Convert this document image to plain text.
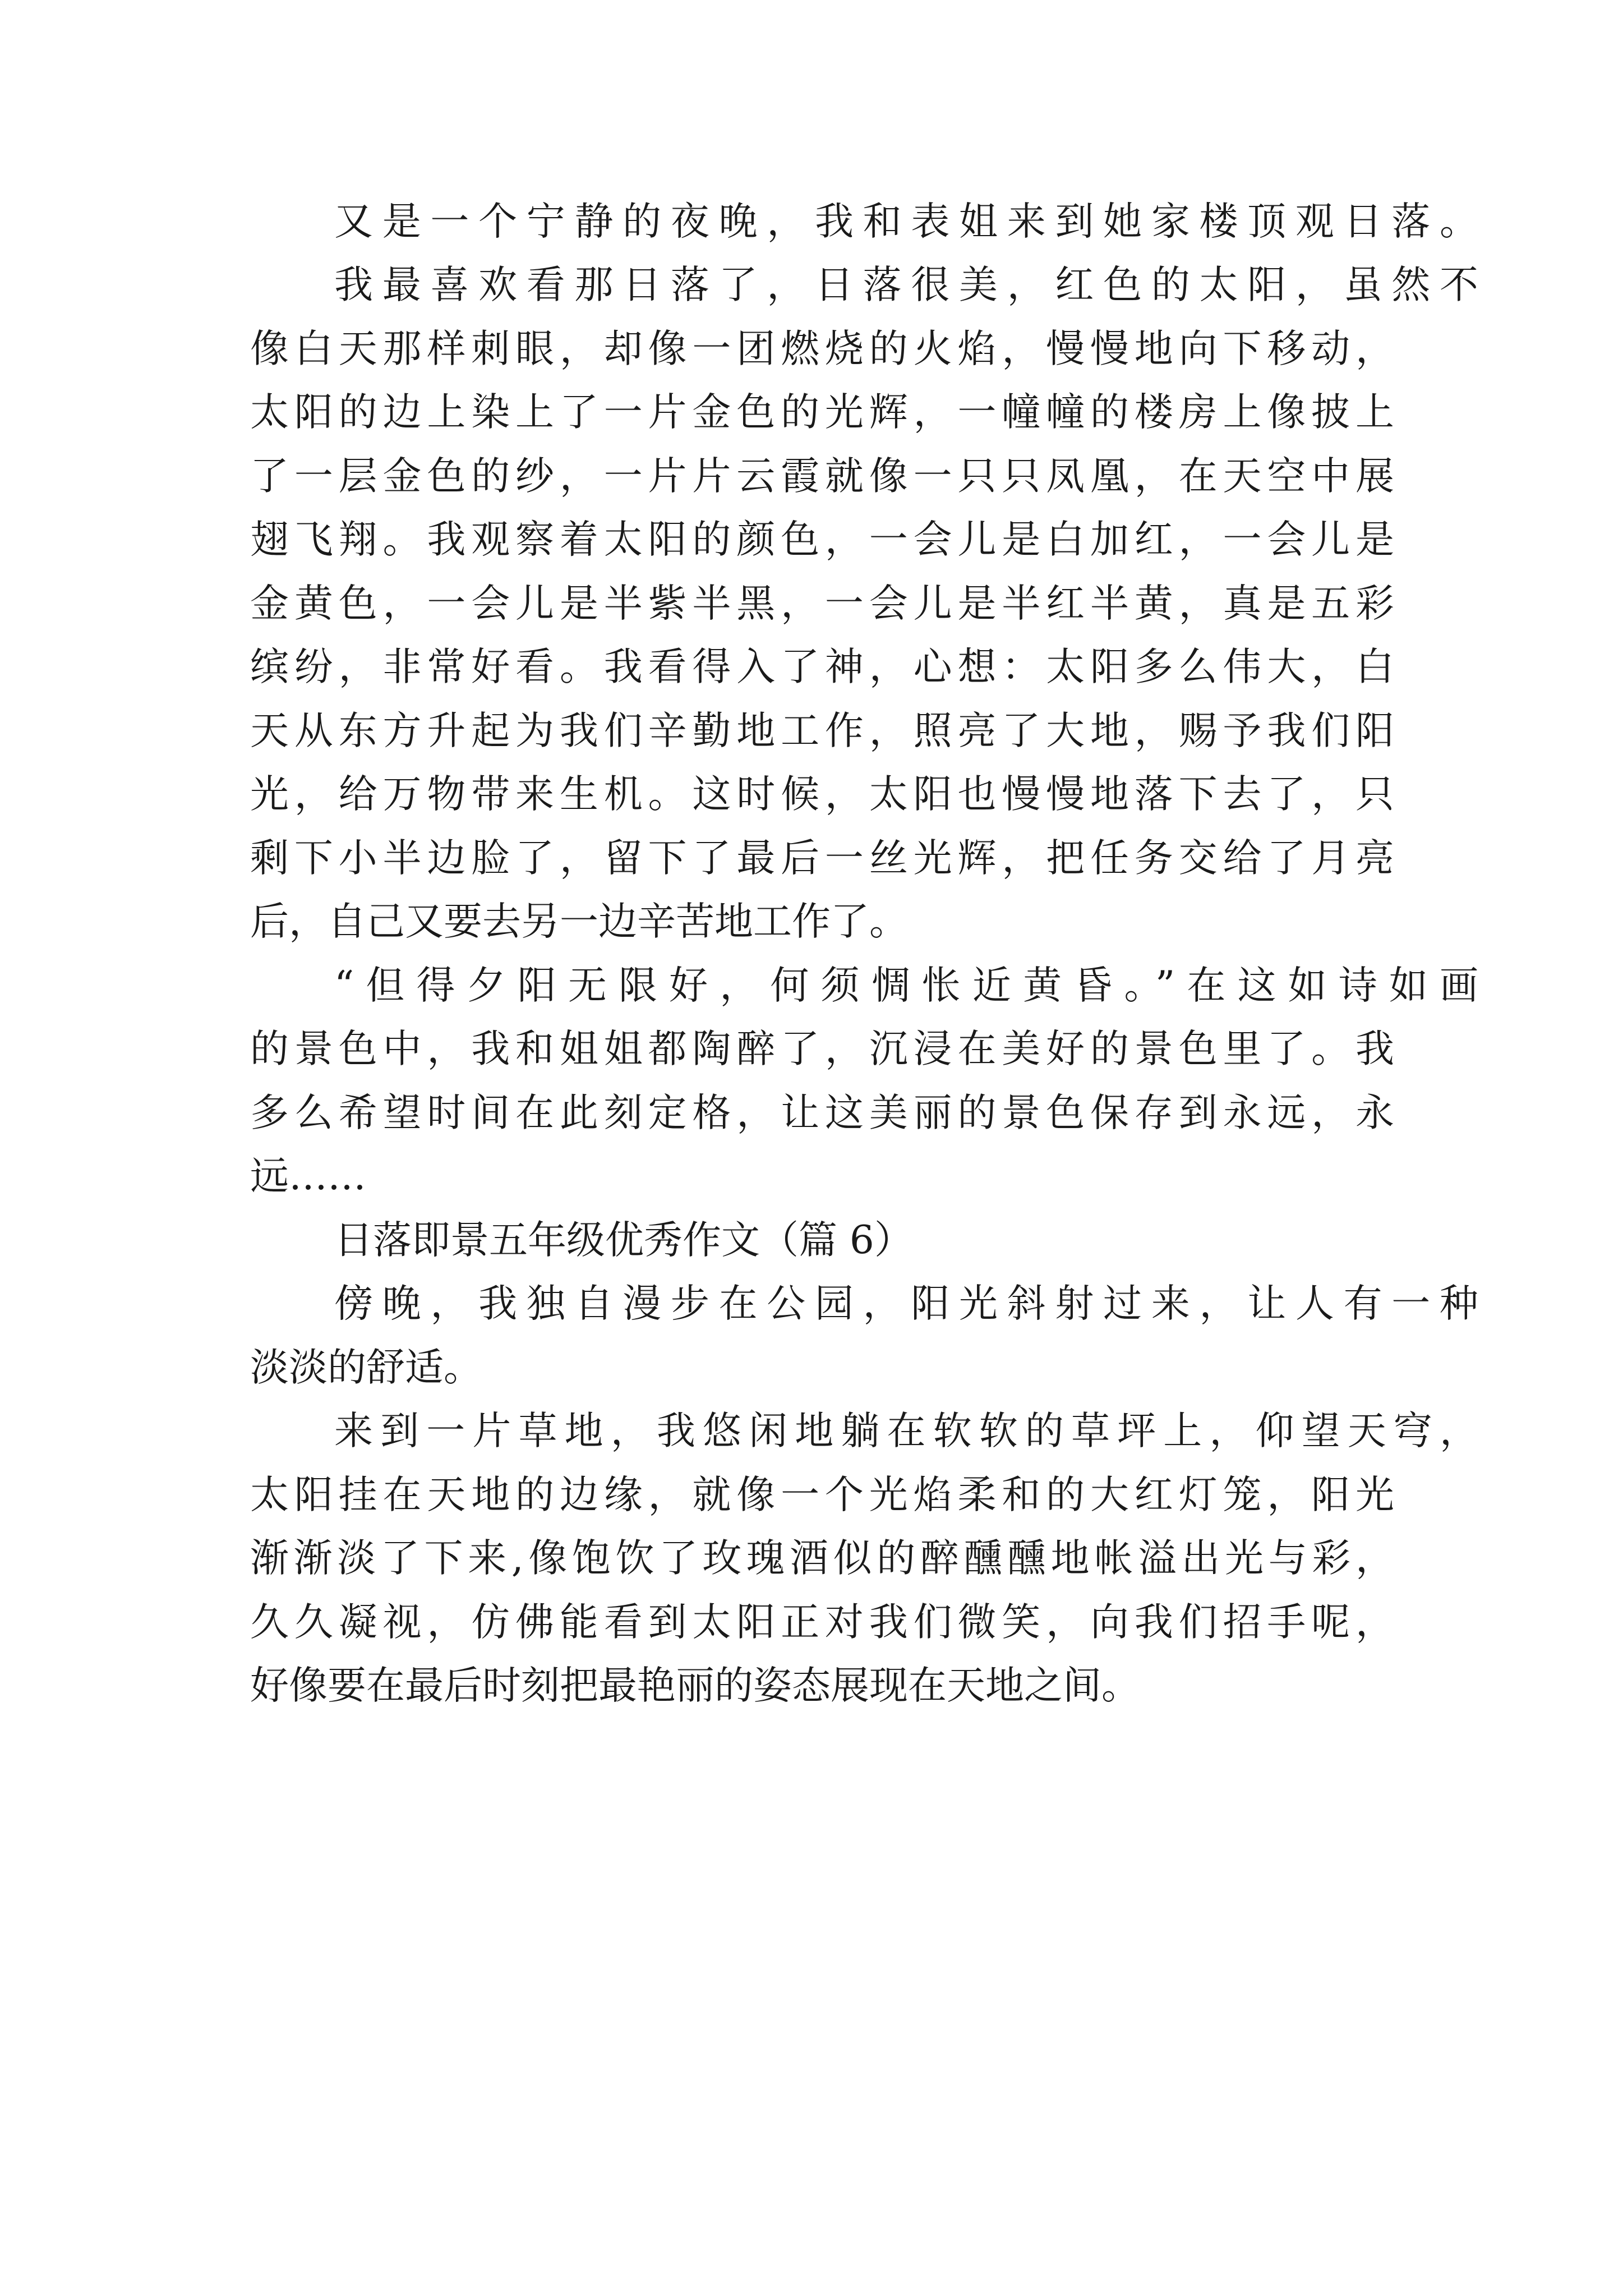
又是一个宁静的夜晚，我和表姐来到她家楼顶观日落。
我最喜欢看那日落了，日落很美，红色的太阳，虽然不
像白天那样刺眼，却像一团燃烧的火焰，慢慢地向下移动，
太阳的边上染上了一片金色的光辉，一幢幢的楼房上像披上
了一层金色的纱，一片片云霞就像一只只凤凰，在天空中展
翅飞翔。我观察着太阳的颜色，一会儿是白加红，一会儿是
金黄色，一会儿是半紫半黑，一会儿是半红半黄，真是五彩
缤纷，非常好看。我看得入了神，心想：太阳多么伟大，白
天从东方升起为我们辛勤地工作，照亮了大地，赐予我们阳
光，给万物带来生机。这时候，太阳也慢慢地落下去了，只
剩下小半边脸了，留下了最后一丝光辉，把任务交给了月亮
后，自己又要去另一边辛苦地工作了。
“但得夕阳无限好，何须惆怅近黄昏。”在这如诗如画
的景色中，我和姐姐都陶醉了，沉浸在美好的景色里了。我
多么希望时间在此刻定格，让这美丽的景色保存到永远，永
远……
日落即景五年级优秀作文（篇 6）
傍晚，我独自漫步在公园，阳光斜射过来，让人有一种
淡淡的舒适。
来到一片草地，我悠闲地躺在软软的草坪上，仰望天穹，
太阳挂在天地的边缘，就像一个光焰柔和的大红灯笼，阳光
渐渐淡了下来,像饱饮了玫瑰酒似的醉醺醺地帐溢出光与彩，
久久凝视，仿佛能看到太阳正对我们微笑，向我们招手呢，
好像要在最后时刻把最艳丽的姿态展现在天地之间。
